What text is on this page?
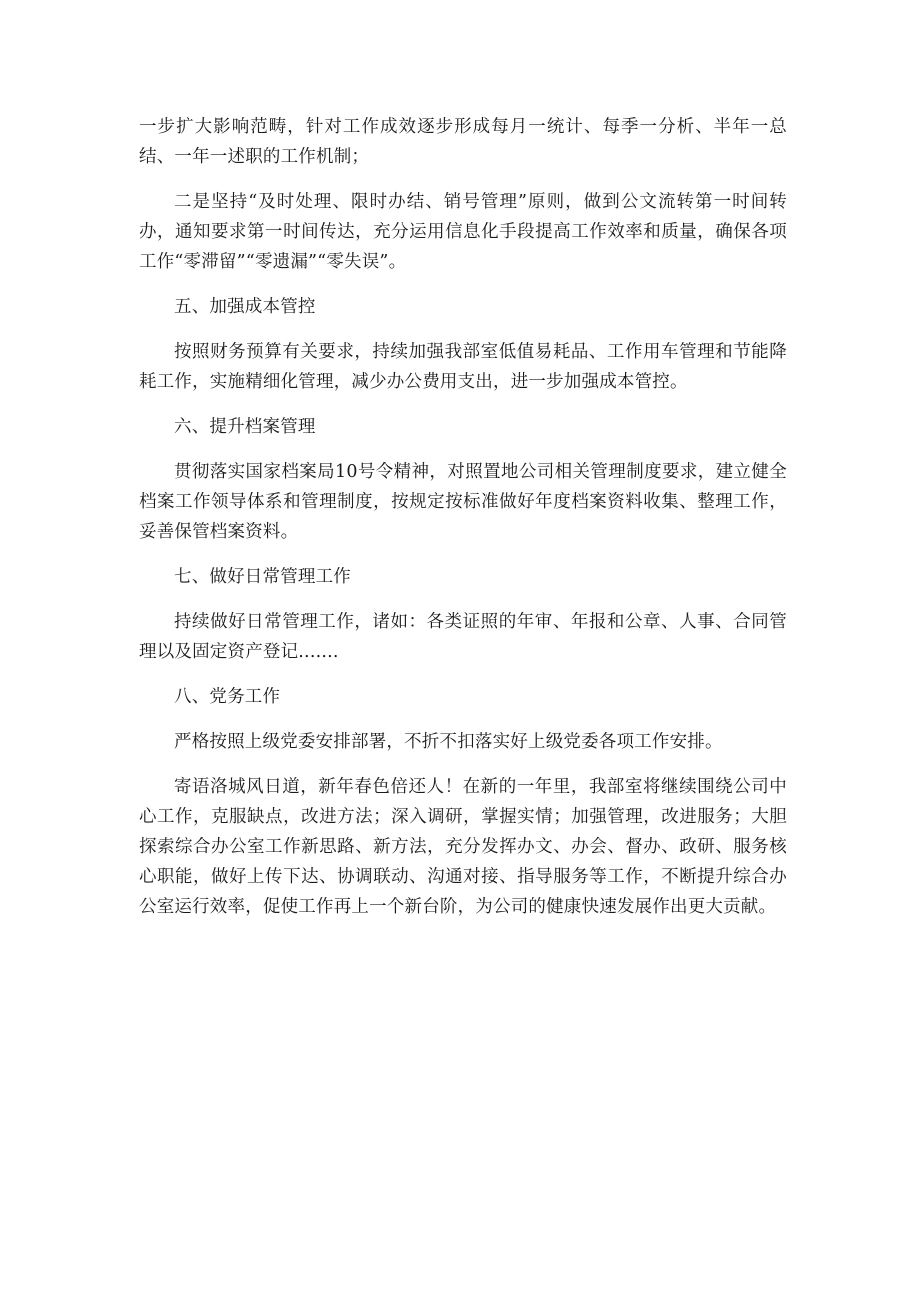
一步扩大影响范畴，针对工作成效逐步形成每月一统计、每季一分析、半年一总结、一年一述职的工作机制；

二是坚持“及时处理、限时办结、销号管理”原则，做到公文流转第一时间转办，通知要求第一时间传达，充分运用信息化手段提高工作效率和质量，确保各项工作“零滞留”“零遗漏”“零失误”。

五、加强成本管控

按照财务预算有关要求，持续加强我部室低值易耗品、工作用车管理和节能降耗工作，实施精细化管理，减少办公费用支出，进一步加强成本管控。

六、提升档案管理

贯彻落实国家档案局10号令精神，对照置地公司相关管理制度要求，建立健全档案工作领导体系和管理制度，按规定按标准做好年度档案资料收集、整理工作，妥善保管档案资料。

七、做好日常管理工作

持续做好日常管理工作，诸如：各类证照的年审、年报和公章、人事、合同管理以及固定资产登记.......

八、党务工作

严格按照上级党委安排部署，不折不扣落实好上级党委各项工作安排。

寄语洛城风日道，新年春色倍还人！在新的一年里，我部室将继续围绕公司中心工作，克服缺点，改进方法；深入调研，掌握实情；加强管理，改进服务；大胆探索综合办公室工作新思路、新方法，充分发挥办文、办会、督办、政研、服务核心职能，做好上传下达、协调联动、沟通对接、指导服务等工作，不断提升综合办公室运行效率，促使工作再上一个新台阶，为公司的健康快速发展作出更大贡献。
